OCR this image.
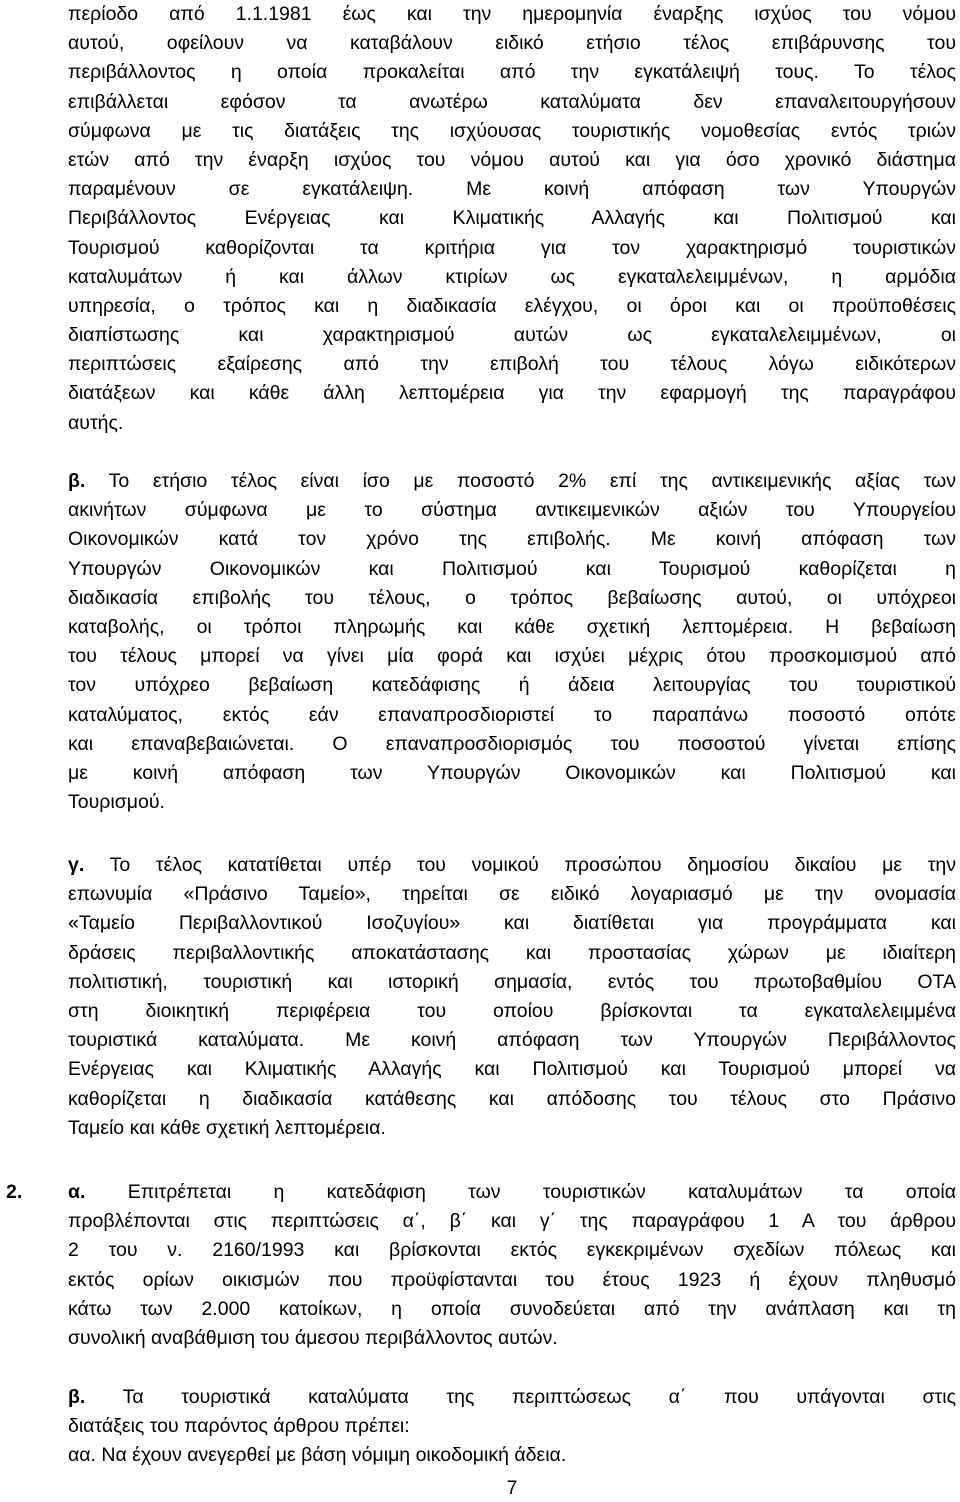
περίοδο από 1.1.1981 έως και την ημερομηνία έναρξης ισχύος του νόμου
αυτού, οφείλουν να καταβάλουν ειδικό ετήσιο τέλος επιβάρυνσης του
περιβάλλοντος η οποία προκαλείται από την εγκατάλειψή τους. Το τέλος
επιβάλλεται εφόσον τα ανωτέρω καταλύματα δεν επαναλειτουργήσουν
σύμφωνα με τις διατάξεις της ισχύουσας τουριστικής νομοθεσίας εντός τριών
ετών από την έναρξη ισχύος του νόμου αυτού και για όσο χρονικό διάστημα
παραμένουν σε εγκατάλειψη. Με κοινή απόφαση των Υπουργών
Περιβάλλοντος Ενέργειας και Κλιματικής Αλλαγής και Πολιτισμού και
Τουρισμού καθορίζονται τα κριτήρια για τον χαρακτηρισμό τουριστικών
καταλυμάτων ή και άλλων κτιρίων ως εγκαταλελειμμένων, η αρμόδια
υπηρεσία, ο τρόπος και η διαδικασία ελέγχου, οι όροι και οι προϋποθέσεις
διαπίστωσης και χαρακτηρισμού αυτών ως εγκαταλελειμμένων, οι
περιπτώσεις εξαίρεσης από την επιβολή του τέλους λόγω ειδικότερων
διατάξεων και κάθε άλλη λεπτομέρεια για την εφαρμογή της παραγράφου
αυτής.
β. Το ετήσιο τέλος είναι ίσο με ποσοστό 2% επί της αντικειμενικής αξίας των
ακινήτων σύμφωνα με το σύστημα αντικειμενικών αξιών του Υπουργείου
Οικονομικών κατά τον χρόνο της επιβολής. Με κοινή απόφαση των
Υπουργών Οικονομικών και Πολιτισμού και Τουρισμού καθορίζεται η
διαδικασία επιβολής του τέλους, ο τρόπος βεβαίωσης αυτού, οι υπόχρεοι
καταβολής, οι τρόποι πληρωμής και κάθε σχετική λεπτομέρεια. Η βεβαίωση
του τέλους μπορεί να γίνει μία φορά και ισχύει μέχρις ότου προσκομισμού από
τον υπόχρεο βεβαίωση κατεδάφισης ή άδεια λειτουργίας του τουριστικού
καταλύματος, εκτός εάν επαναπροσδιοριστεί το παραπάνω ποσοστό οπότε
και επαναβεβαιώνεται. Ο επαναπροσδιορισμός του ποσοστού γίνεται επίσης
με κοινή απόφαση των Υπουργών Οικονομικών και Πολιτισμού και
Τουρισμού.
γ. Το τέλος κατατίθεται υπέρ του νομικού προσώπου δημοσίου δικαίου με την
επωνυμία «Πράσινο Ταμείο», τηρείται σε ειδικό λογαριασμό με την ονομασία
«Ταμείο Περιβαλλοντικού Ισοζυγίου» και διατίθεται για προγράμματα και
δράσεις περιβαλλοντικής αποκατάστασης και προστασίας χώρων με ιδιαίτερη
πολιτιστική, τουριστική και ιστορική σημασία, εντός του πρωτοβαθμίου ΟΤΑ
στη διοικητική περιφέρεια του οποίου βρίσκονται τα εγκαταλελειμμένα
τουριστικά καταλύματα. Με κοινή απόφαση των Υπουργών Περιβάλλοντος
Ενέργειας και Κλιματικής Αλλαγής και Πολιτισμού και Τουρισμού μπορεί να
καθορίζεται η διαδικασία κατάθεσης και απόδοσης του τέλους στο Πράσινο
Ταμείο και κάθε σχετική λεπτομέρεια.
2. α. Επιτρέπεται η κατεδάφιση των τουριστικών καταλυμάτων τα οποία
προβλέπονται στις περιπτώσεις α΄, β΄ και γ΄ της παραγράφου 1 Α του άρθρου
2 του ν. 2160/1993 και βρίσκονται εκτός εγκεκριμένων σχεδίων πόλεως και
εκτός ορίων οικισμών που προϋφίστανται του έτους 1923 ή έχουν πληθυσμό
κάτω των 2.000 κατοίκων, η οποία συνοδεύεται από την ανάπλαση και τη
συνολική αναβάθμιση του άμεσου περιβάλλοντος αυτών.
β. Τα τουριστικά καταλύματα της περιπτώσεως α΄ που υπάγονται στις
διατάξεις του παρόντος άρθρου πρέπει:
αα. Να έχουν ανεγερθεί με βάση νόμιμη οικοδομική άδεια.
7
